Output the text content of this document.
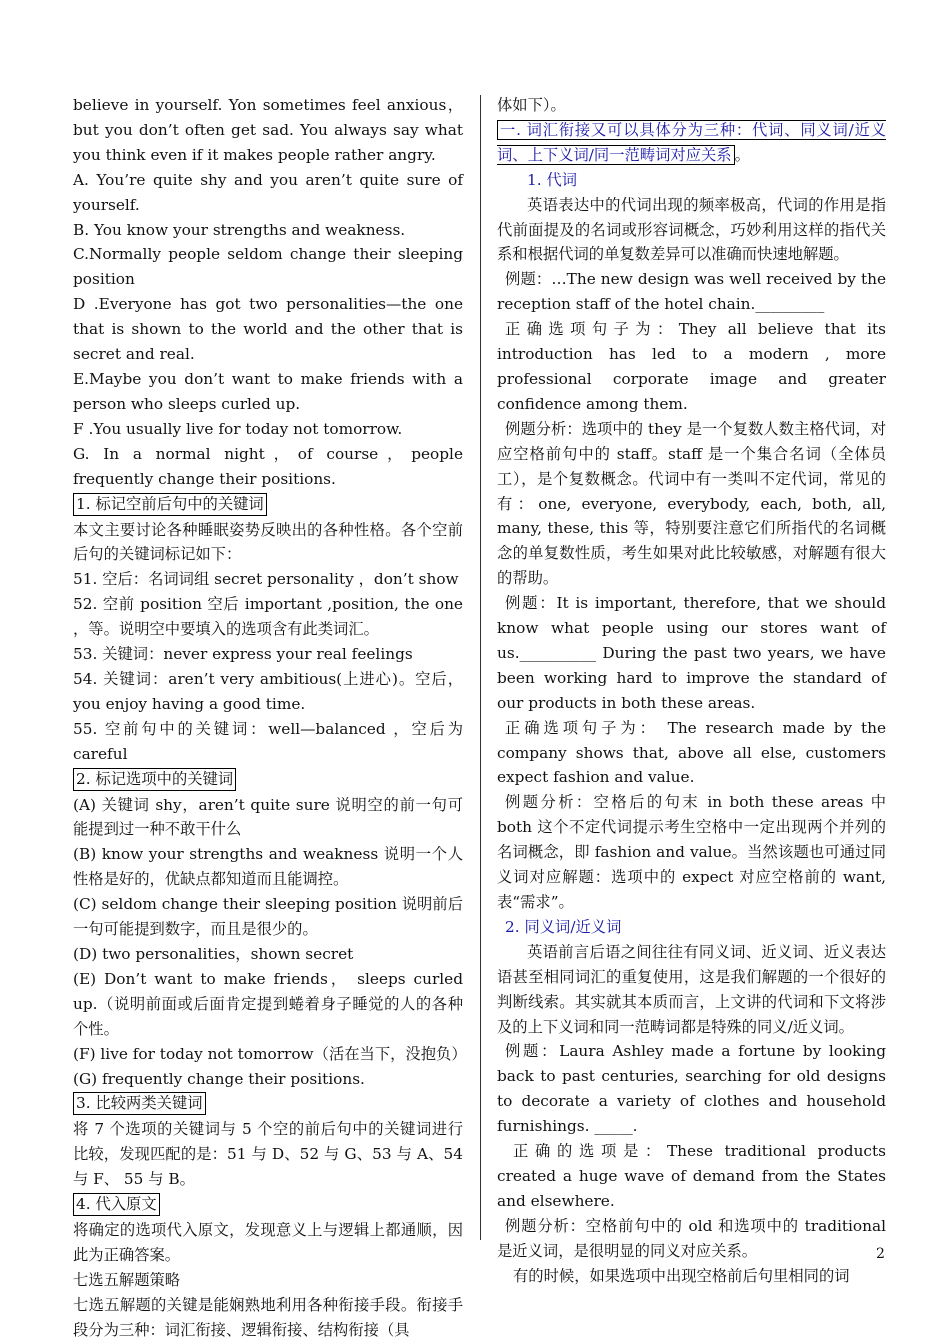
believe in yourself. Yon sometimes feel anxious，but you don’t often get sad. You always say what you think even if it makes people rather angry.

A. You’re quite shy and you aren’t quite sure of yourself.

B. You know your strengths and weakness.

C.Normally people seldom change their sleeping position

D .Everyone has got two personalities—the one that is shown to the world and the other that is secret and real.

E.Maybe you don’t want to make friends with a person who sleeps curled up.

F .You usually live for today not tomorrow.

G. In a normal night，of course，people frequently change their positions.

1. 标记空前后句中的关键词

本文主要讨论各种睡眠姿势反映出的各种性格。各个空前后句的关键词标记如下：

51. 空后：名词词组 secret personality ，don’t show

52. 空前 position 空后 important ,position, the one ，等。说明空中要填入的选项含有此类词汇。

53. 关键词：never express your real feelings

54. 关键词：aren’t very ambitious(上进心)。空后，you enjoy having a good time.

55. 空前句中的关键词：well—balanced ，空后为careful

2. 标记选项中的关键词

(A) 关键词 shy，aren’t quite sure 说明空的前一句可能提到过一种不敢干什么

(B) know your strengths and weakness 说明一个人性格是好的，优缺点都知道而且能调控。

(C) seldom change their sleeping position 说明前后一句可能提到数字，而且是很少的。

(D) two personalities，shown secret

(E) Don’t want to make friends， sleeps curled up.（说明前面或后面肯定提到蜷着身子睡觉的人的各种个性。

(F) live for today not tomorrow（活在当下，没抱负）

(G) frequently change their positions.

3. 比较两类关键词

将 7 个选项的关键词与 5 个空的前后句中的关键词进行比较，发现匹配的是：51 与 D、52 与 G、53 与 A、54 与 F、 55 与 B。

4. 代入原文

将确定的选项代入原文，发现意义上与逻辑上都通顺，因此为正确答案。

七选五解题策略

七选五解题的关键是能娴熟地利用各种衔接手段。衔接手段分为三种：词汇衔接、逻辑衔接、结构衔接（具

体如下）。

一. 词汇衔接又可以具体分为三种：代词、同义词/近义词、上下义词/同一范畴词对应关系 。

1. 代词

英语表达中的代词出现的频率极高，代词的作用是指代前面提及的名词或形容词概念，巧妙利用这样的指代关系和根据代词的单复数差异可以准确而快速地解题。

例题：…The new design was well received by the reception staff of the hotel chain._________

正确选项句子为：They all believe that its introduction has led to a modern , more professional corporate image and greater confidence among them.

例题分析：选项中的 they 是一个复数人数主格代词，对应空格前句中的 staff。staff 是一个集合名词（全体员工），是个复数概念。代词中有一类叫不定代词，常见的有：one, everyone, everybody, each, both, all, many, these, this 等，特别要注意它们所指代的名词概念的单复数性质，考生如果对此比较敏感，对解题有很大的帮助。

例题：It is important, therefore, that we should know what people using our stores want of us.__________ During the past two years, we have been working hard to improve the standard of our products in both these areas.

正确选项句子为： The research made by the company shows that, above all else, customers expect fashion and value.

例题分析：空格后的句末 in both these areas 中 both 这个不定代词提示考生空格中一定出现两个并列的名词概念，即 fashion and value。当然该题也可通过同义词对应解题：选项中的 expect 对应空格前的 want,表“需求”。

2. 同义词/近义词

英语前言后语之间往往有同义词、近义词、近义表达语甚至相同词汇的重复使用，这是我们解题的一个很好的判断线索。其实就其本质而言，上文讲的代词和下文将涉及的上下义词和同一范畴词都是特殊的同义/近义词。

例题：Laura Ashley made a fortune by looking back to past centuries, searching for old designs to decorate a variety of clothes and household furnishings. _____.

正确的选项是：These traditional products created a huge wave of demand from the States and elsewhere.

例题分析：空格前句中的 old 和选项中的 traditional 是近义词，是很明显的同义对应关系。

有的时候，如果选项中出现空格前后句里相同的词

2
